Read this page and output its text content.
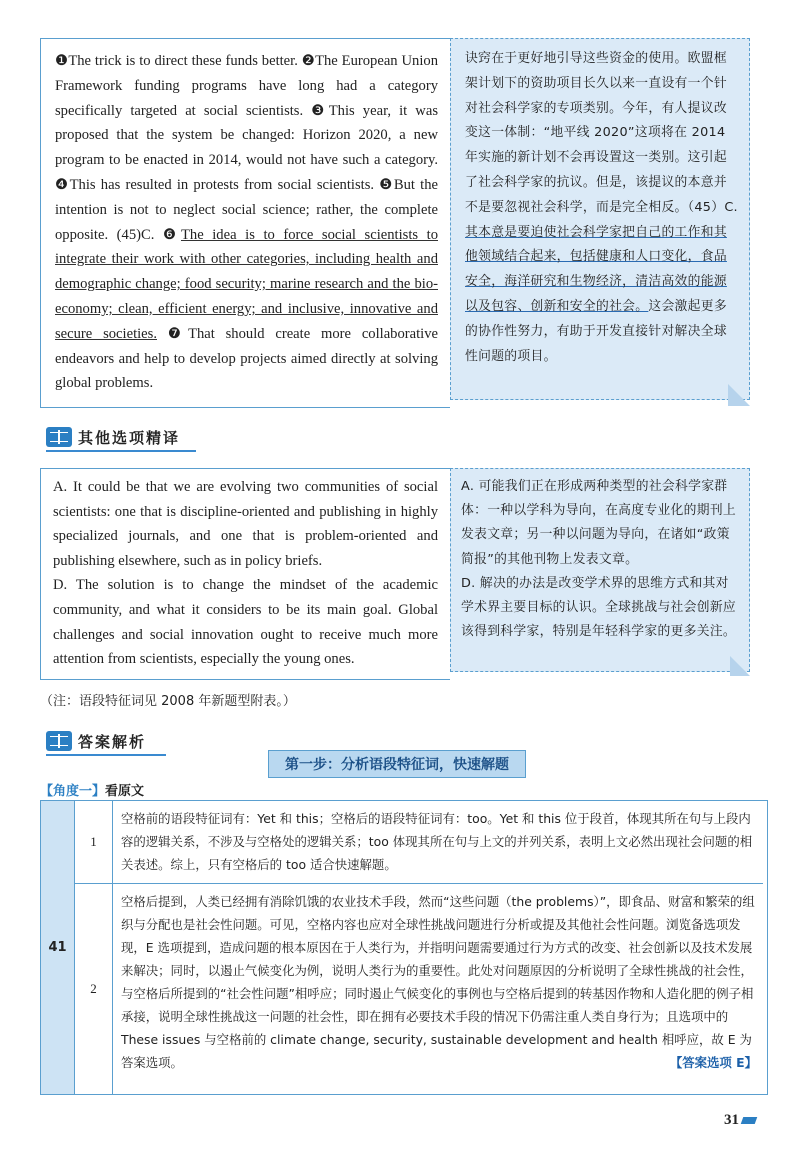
❶The trick is to direct these funds better. ❷The European Union Framework funding programs have long had a category specifically targeted at social scientists. ❸This year, it was proposed that the system be changed: Horizon 2020, a new program to be enacted in 2014, would not have such a category. ❹This has resulted in protests from social scientists. ❺But the intention is not to neglect social science; rather, the complete opposite. (45)C. ❻The idea is to force social scientists to integrate their work with other categories, including health and demographic change; food security; marine research and the bio-economy; clean, efficient energy; and inclusive, innovative and secure societies. ❼That should create more collaborative endeavors and help to develop projects aimed directly at solving global problems.

诀窍在于更好地引导这些资金的使用。欧盟框架计划下的资助项目长久以来一直设有一个针对社会科学家的专项类别。今年，有人提议改变这一体制：“地平线 2020”这项将在 2014 年实施的新计划不会再设置这一类别。这引起了社会科学家的抗议。但是，该提议的本意并不是要忽视社会科学，而是完全相反。（45）C. 其本意是要迫使社会科学家把自己的工作和其他领域结合起来，包括健康和人口变化，食品安全，海洋研究和生物经济，清洁高效的能源以及包容、创新和安全的社会。这会激起更多的协作性努力，有助于开发直接针对解决全球性问题的项目。

其他选项精译

A. It could be that we are evolving two communities of social scientists: one that is discipline-oriented and publishing in highly specialized journals, and one that is problem-oriented and publishing elsewhere, such as in policy briefs.

D. The solution is to change the mindset of the academic community, and what it considers to be its main goal. Global challenges and social innovation ought to receive much more attention from scientists, especially the young ones.

A. 可能我们正在形成两种类型的社会科学家群体：一种以学科为导向，在高度专业化的期刊上发表文章；另一种以问题为导向，在诸如“政策简报”的其他刊物上发表文章。

D. 解决的办法是改变学术界的思维方式和其对学术界主要目标的认识。全球挑战与社会创新应该得到科学家，特别是年轻科学家的更多关注。

（注：语段特征词见 2008 年新题型附表。）
答案解析
第一步：分析语段特征词，快速解题
【角度一】看原文
41
1
空格前的语段特征词有：Yet 和 this；空格后的语段特征词有：too。Yet 和 this 位于段首，体现其所在句与上段内容的逻辑关系，不涉及与空格处的逻辑关系；too 体现其所在句与上文的并列关系，表明上文必然出现社会问题的相关表述。综上，只有空格后的 too 适合快速解题。
2
空格后提到，人类已经拥有消除饥饿的农业技术手段，然而“这些问题（the problems）”，即食品、财富和繁荣的组织与分配也是社会性问题。可见，空格内容也应对全球性挑战问题进行分析或提及其他社会性问题。浏览备选项发现，E 选项提到，造成问题的根本原因在于人类行为，并指明问题需要通过行为方式的改变、社会创新以及技术发展来解决；同时，以遏止气候变化为例，说明人类行为的重要性。此处对问题原因的分析说明了全球性挑战的社会性，与空格后所提到的“社会性问题”相呼应；同时遏止气候变化的事例也与空格后提到的转基因作物和人造化肥的例子相承接，说明全球性挑战这一问题的社会性，即在拥有必要技术手段的情况下仍需注重人类自身行为；且选项中的 These issues 与空格前的 climate change, security, sustainable development and health 相呼应，故 E 为答案选项。	【答案选项 E】
31
